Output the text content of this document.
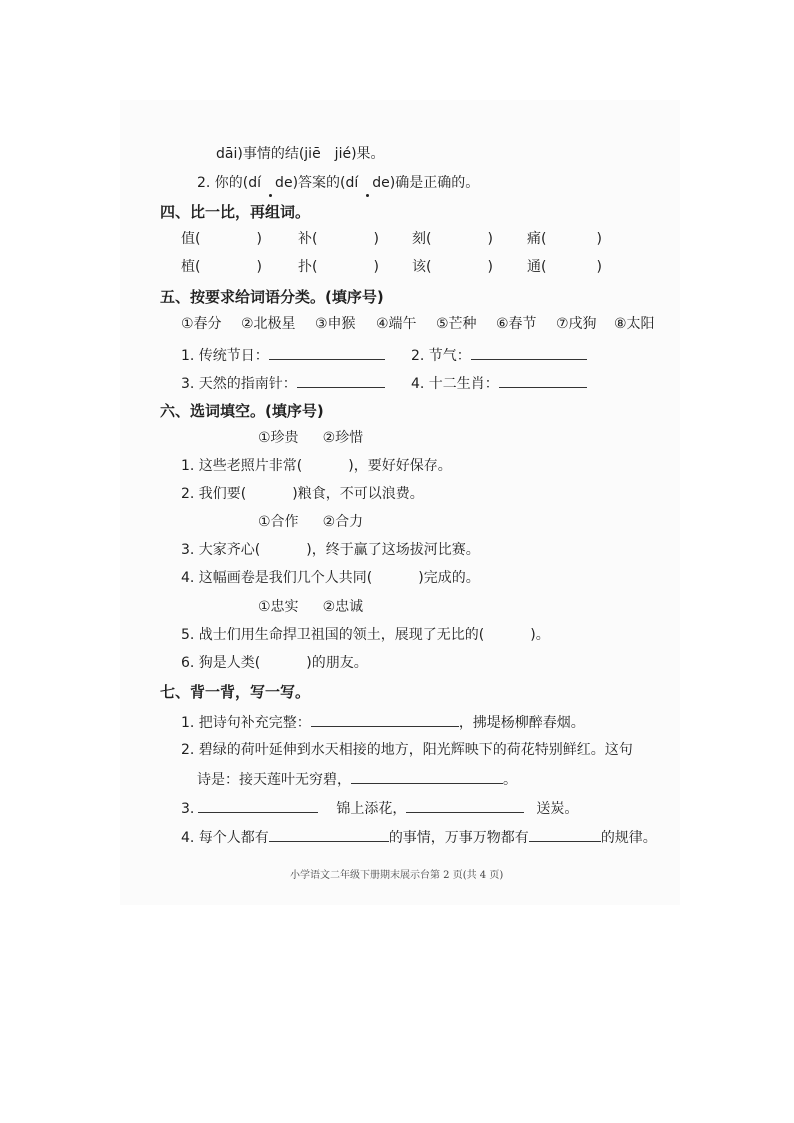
dāi)事情的结(jiē　jié)果。
2. 你的(dí　de)答案的(dí　de)确是正确的。
四、比一比，再组词。
值(	)	补(	) 刻(	) 痛(	)
植(	)	扑(	) 该(	) 通(	)
五、按要求给词语分类。(填序号)
①春分 ②北极星 ③申猴 ④端午 ⑤芒种 ⑥春节 ⑦戌狗 ⑧太阳
1. 传统节日：	2. 节气：
3. 天然的指南针：	4. 十二生肖：
六、选词填空。(填序号)
①珍贵 ②珍惜
1. 这些老照片非常(	)，要好好保存。
2. 我们要(	)粮食，不可以浪费。
①合作 ②合力
3. 大家齐心(	)，终于赢了这场拔河比赛。
4. 这幅画卷是我们几个人共同(	)完成的。
①忠实 ②忠诚
5. 战士们用生命捍卫祖国的领土，展现了无比的(	)。
6. 狗是人类(	)的朋友。
七、背一背，写一写。
1. 把诗句补充完整：	，拂堤杨柳醉春烟。
2. 碧绿的荷叶延伸到水天相接的地方，阳光辉映下的荷花特别鲜红。这句
诗是：接天莲叶无穷碧，	。
3.	锦上添花，	送炭。
4. 每个人都有	的事情，万事万物都有	的规律。
小学语文二年级下册期末展示台第 2 页(共 4 页)
